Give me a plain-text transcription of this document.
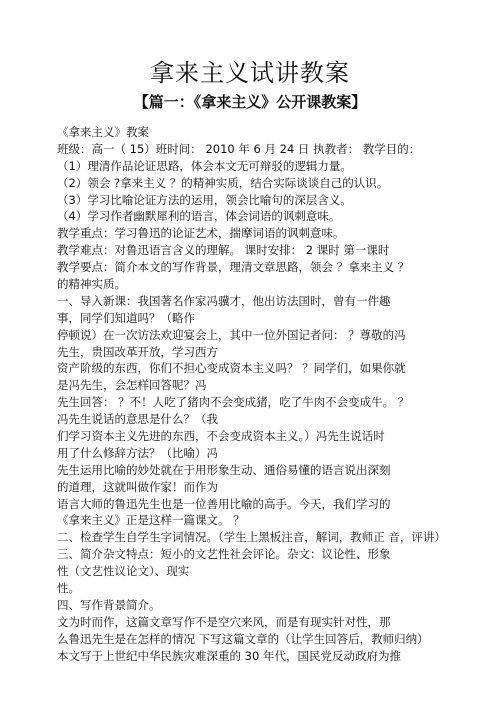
拿来主义试讲教案
【篇一：《拿来主义》公开课教案】
《拿来主义》教案
班级：高一（ 15）班时间： 2010 年 6 月 24 日 执教者： 教学目的：
（1）理清作品论证思路，体会本文无可辩驳的逻辑力量。
（2）领会 ?拿来主义 ？的精神实质，结合实际谈谈自己的认识。
（3）学习比喻论证方法的运用，领会比喻句的深层含义。
（4）学习作者幽默犀利的语言，体会词语的讽刺意味。
教学重点：学习鲁迅的论证艺术，揣摩词语的讽刺意味。
教学难点：对鲁迅语言含义的理解。 课时安排： 2 课时 第一课时
教学要点：简介本文的写作背景，理清文章思路，领会 ？拿来主义 ？
的精神实质。
一、导入新课：我国著名作家冯骥才，他出访法国时，曾有一件趣
事，同学们知道吗？（略作
停顿说）在一次访法欢迎宴会上，其中一位外国记者问： ？尊敬的冯
先生，贵国改革开放，学习西方
资产阶级的东西，你们不担心变成资本主义吗？ ？同学们，如果你就
是冯先生，会怎样回答呢？冯
先生回答： ？不！人吃了猪肉不会变成猪，吃了牛肉不会变成牛。 ？
冯先生说话的意思是什么？（我
们学习资本主义先进的东西，不会变成资本主义。）冯先生说话时
用了什么修辞方法？（比喻）冯
先生运用比喻的妙处就在于用形象生动、通俗易懂的语言说出深刻
的道理，这就叫做作家！而作为
语言大师的鲁迅先生也是一位善用比喻的高手。今天，我们学习的
《拿来主义》正是这样一篇课文。 ？
二、检查学生自学生字词情况。（学生上黑板注音，解词，教师正 音，评讲）
三、简介杂文特点：短小的文艺性社会评论。杂文：议论性、形象
性（文艺性议论文）、现实
性。
四、写作背景简介。
文为时而作，这篇文章写作不是空穴来风，而是有现实针对性，那
么鲁迅先生是在怎样的情况 下写这篇文章的（让学生回答后，教师归纳）
本文写于上世纪中华民族灾难深重的 30 年代，国民党反动政府为推
